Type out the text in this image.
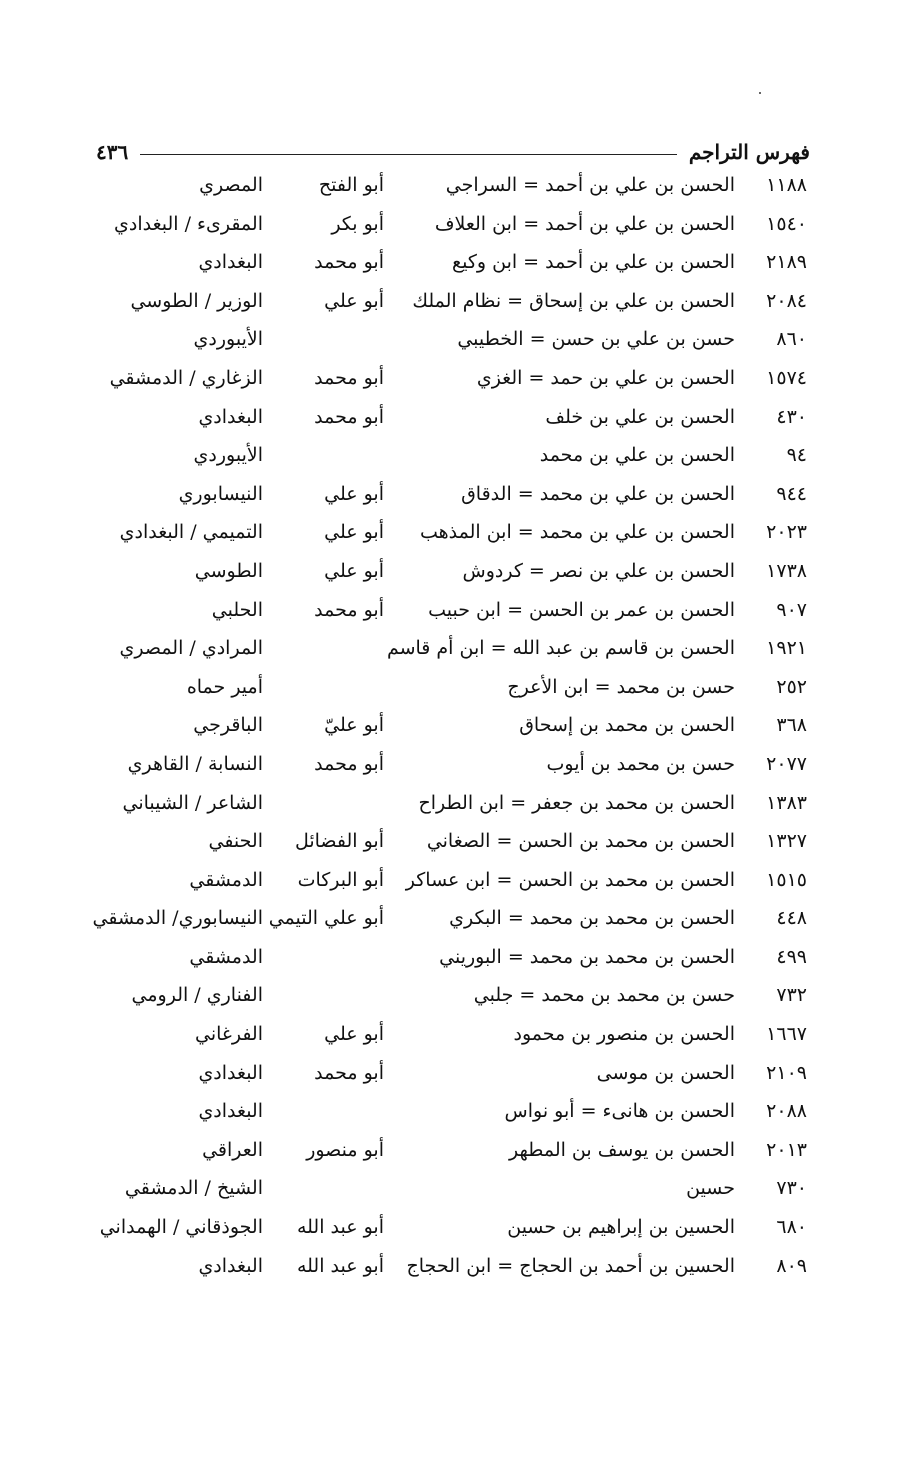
فهرس التراجم
٤٣٦
١١٨٨
الحسن بن علي بن أحمد = السراجي
أبو الفتح
المصري
١٥٤٠
الحسن بن علي بن أحمد = ابن العلاف
أبو بكر
المقرىء / البغدادي
٢١٨٩
الحسن بن علي بن أحمد = ابن وكيع
أبو محمد
البغدادي
٢٠٨٤
الحسن بن علي بن إسحاق = نظام الملك
أبو علي
الوزير / الطوسي
٨٦٠
حسن بن علي بن حسن = الخطيبي
الأيبوردي
١٥٧٤
الحسن بن علي بن حمد = الغزي
أبو محمد
الزغاري / الدمشقي
٤٣٠
الحسن بن علي بن خلف
أبو محمد
البغدادي
٩٤
الحسن بن علي بن محمد
الأيبوردي
٩٤٤
الحسن بن علي بن محمد = الدقاق
أبو علي
النيسابوري
٢٠٢٣
الحسن بن علي بن محمد = ابن المذهب
أبو علي
التميمي / البغدادي
١٧٣٨
الحسن بن علي بن نصر = كردوش
أبو علي
الطوسي
٩٠٧
الحسن بن عمر بن الحسن = ابن حبيب
أبو محمد
الحلبي
١٩٢١
الحسن بن قاسم بن عبد الله = ابن أم قاسم
المرادي / المصري
٢٥٢
حسن بن محمد = ابن الأعرج
أمير حماه
٣٦٨
الحسن بن محمد بن إسحاق
أبو عليّ
الباقرجي
٢٠٧٧
حسن بن محمد بن أيوب
أبو محمد
النسابة / القاهري
١٣٨٣
الحسن بن محمد بن جعفر = ابن الطراح
الشاعر / الشيباني
١٣٢٧
الحسن بن محمد بن الحسن = الصغاني
أبو الفضائل
الحنفي
١٥١٥
الحسن بن محمد بن الحسن = ابن عساكر
أبو البركات
الدمشقي
٤٤٨
الحسن بن محمد بن محمد = البكري
أبو علي التيمي
النيسابوري/ الدمشقي
٤٩٩
الحسن بن محمد بن محمد = البوريني
الدمشقي
٧٣٢
حسن بن محمد بن محمد = جلبي
الفناري / الرومي
١٦٦٧
الحسن بن منصور بن محمود
أبو علي
الفرغاني
٢١٠٩
الحسن بن موسى
أبو محمد
البغدادي
٢٠٨٨
الحسن بن هانىء = أبو نواس
البغدادي
٢٠١٣
الحسن بن يوسف بن المطهر
أبو منصور
العراقي
٧٣٠
حسين
الشيخ / الدمشقي
٦٨٠
الحسين بن إبراهيم بن حسين
أبو عبد الله
الجوذقاني / الهمداني
٨٠٩
الحسين بن أحمد بن الحجاج = ابن الحجاج
أبو عبد الله
البغدادي
